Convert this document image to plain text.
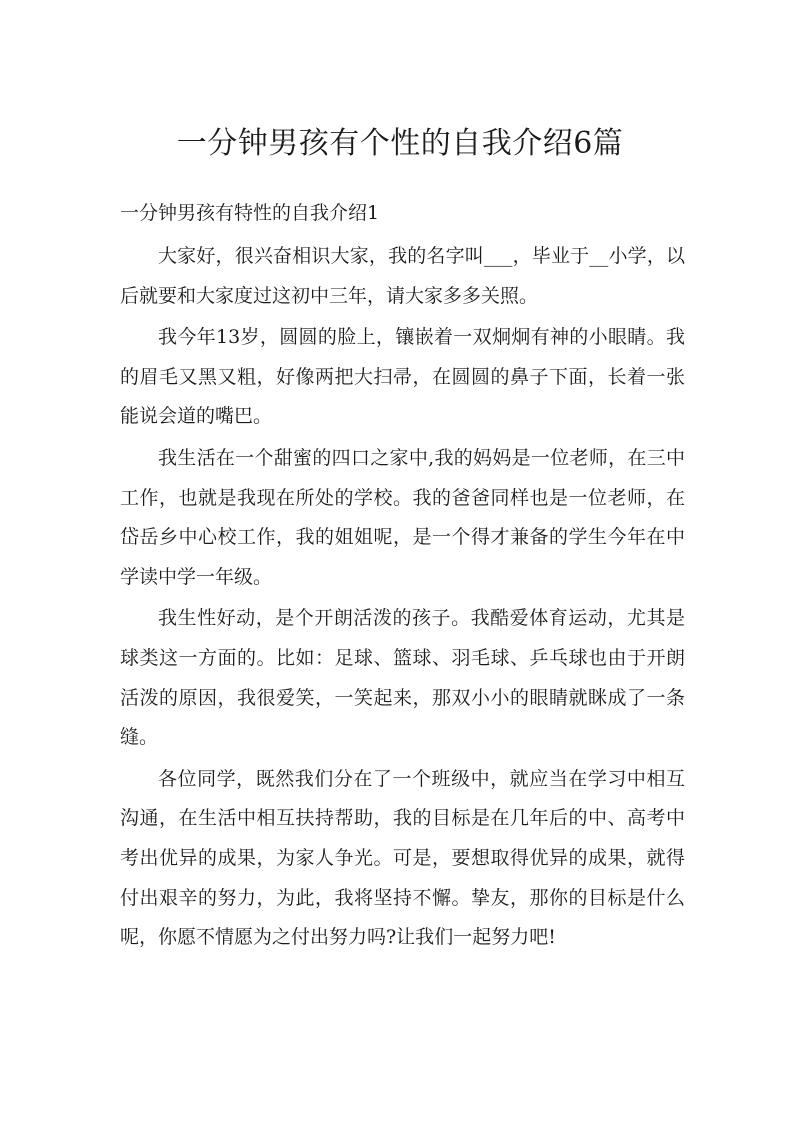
一分钟男孩有个性的自我介绍6篇
一分钟男孩有特性的自我介绍1

大家好，很兴奋相识大家，我的名字叫___，毕业于__小学，以后就要和大家度过这初中三年，请大家多多关照。

我今年13岁，圆圆的脸上，镶嵌着一双炯炯有神的小眼睛。我的眉毛又黑又粗，好像两把大扫帚，在圆圆的鼻子下面，长着一张能说会道的嘴巴。

我生活在一个甜蜜的四口之家中,我的妈妈是一位老师，在三中工作，也就是我现在所处的学校。我的爸爸同样也是一位老师，在岱岳乡中心校工作，我的姐姐呢，是一个得才兼备的学生今年在中学读中学一年级。

我生性好动，是个开朗活泼的孩子。我酷爱体育运动，尤其是球类这一方面的。比如：足球、篮球、羽毛球、乒乓球也由于开朗活泼的原因，我很爱笑，一笑起来，那双小小的眼睛就眯成了一条缝。

各位同学，既然我们分在了一个班级中，就应当在学习中相互沟通，在生活中相互扶持帮助，我的目标是在几年后的中、高考中考出优异的成果，为家人争光。可是，要想取得优异的成果，就得付出艰辛的努力，为此，我将坚持不懈。挚友，那你的目标是什么呢，你愿不情愿为之付出努力吗?让我们一起努力吧!
